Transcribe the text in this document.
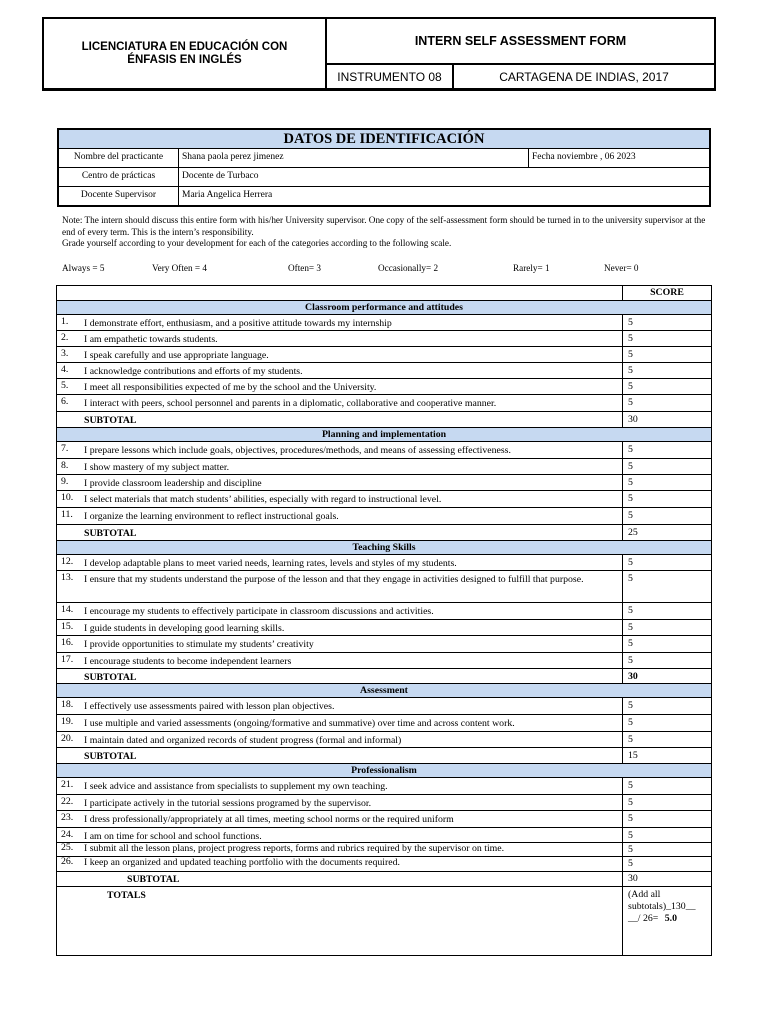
LICENCIATURA EN EDUCACIÓN CON ÉNFASIS EN INGLÉS
INTERN SELF ASSESSMENT FORM
INSTRUMENTO 08	CARTAGENA DE INDIAS, 2017
DATOS DE IDENTIFICACIÓN
Nombre del practicante	Shana paola perez jimenez	Fecha noviembre , 06 2023
Centro de prácticas	Docente de Turbaco
Docente Supervisor	Maria Angelica Herrera
Note: The intern should discuss this entire form with his/her University supervisor. One copy of the self-assessment form should be turned in to the university supervisor at the end of every term. This is the intern’s responsibility.
Grade yourself according to your development for each of the categories according to the following scale.
Always = 5	Very Often = 4	Often= 3	Occasionally= 2	Rarely= 1	Never= 0
SCORE
Classroom performance and attitudes
1. I demonstrate effort, enthusiasm, and a positive attitude towards my internship	5
2. I am empathetic towards students.	5
3. I speak carefully and use appropriate language.	5
4. I acknowledge contributions and efforts of my students.	5
5. I meet all responsibilities expected of me by the school and the University.	5
6. I interact with peers, school personnel and parents in a diplomatic, collaborative and cooperative manner.	5
SUBTOTAL	30
Planning and implementation
7. I prepare lessons which include goals, objectives, procedures/methods, and means of assessing effectiveness.	5
8. I show mastery of my subject matter.	5
9. I provide classroom leadership and discipline	5
10. I select materials that match students’ abilities, especially with regard to instructional level.	5
11. I organize the learning environment to reflect instructional goals.	5
SUBTOTAL	25
Teaching Skills
12. I develop adaptable plans to meet varied needs, learning rates, levels and styles of my students.	5
13. I ensure that my students understand the purpose of the lesson and that they engage in activities designed to fulfill that purpose.	5
14. I encourage my students to effectively participate in classroom discussions and activities.	5
15. I guide students in developing good learning skills.	5
16. I provide opportunities to stimulate my students’ creativity	5
17. I encourage students to become independent learners	5
SUBTOTAL	30
Assessment
18. I effectively use assessments paired with lesson plan objectives.	5
19. I use multiple and varied assessments (ongoing/formative and summative) over time and across content work.	5
20. I maintain dated and organized records of student progress (formal and informal)	5
SUBTOTAL	15
Professionalism
21. I seek advice and assistance from specialists to supplement my own teaching.	5
22. I participate actively in the tutorial sessions programed by the supervisor.	5
23. I dress professionally/appropriately at all times, meeting school norms or the required uniform	5
24. I am on time for school and school functions.	5
25. I submit all the lesson plans, project progress reports, forms and rubrics required by the supervisor on time.	5
26. I keep an organized and updated teaching portfolio with the documents required.	5
SUBTOTAL	30
TOTALS	(Add all
subtotals)_130__
__/ 26= 5.0
